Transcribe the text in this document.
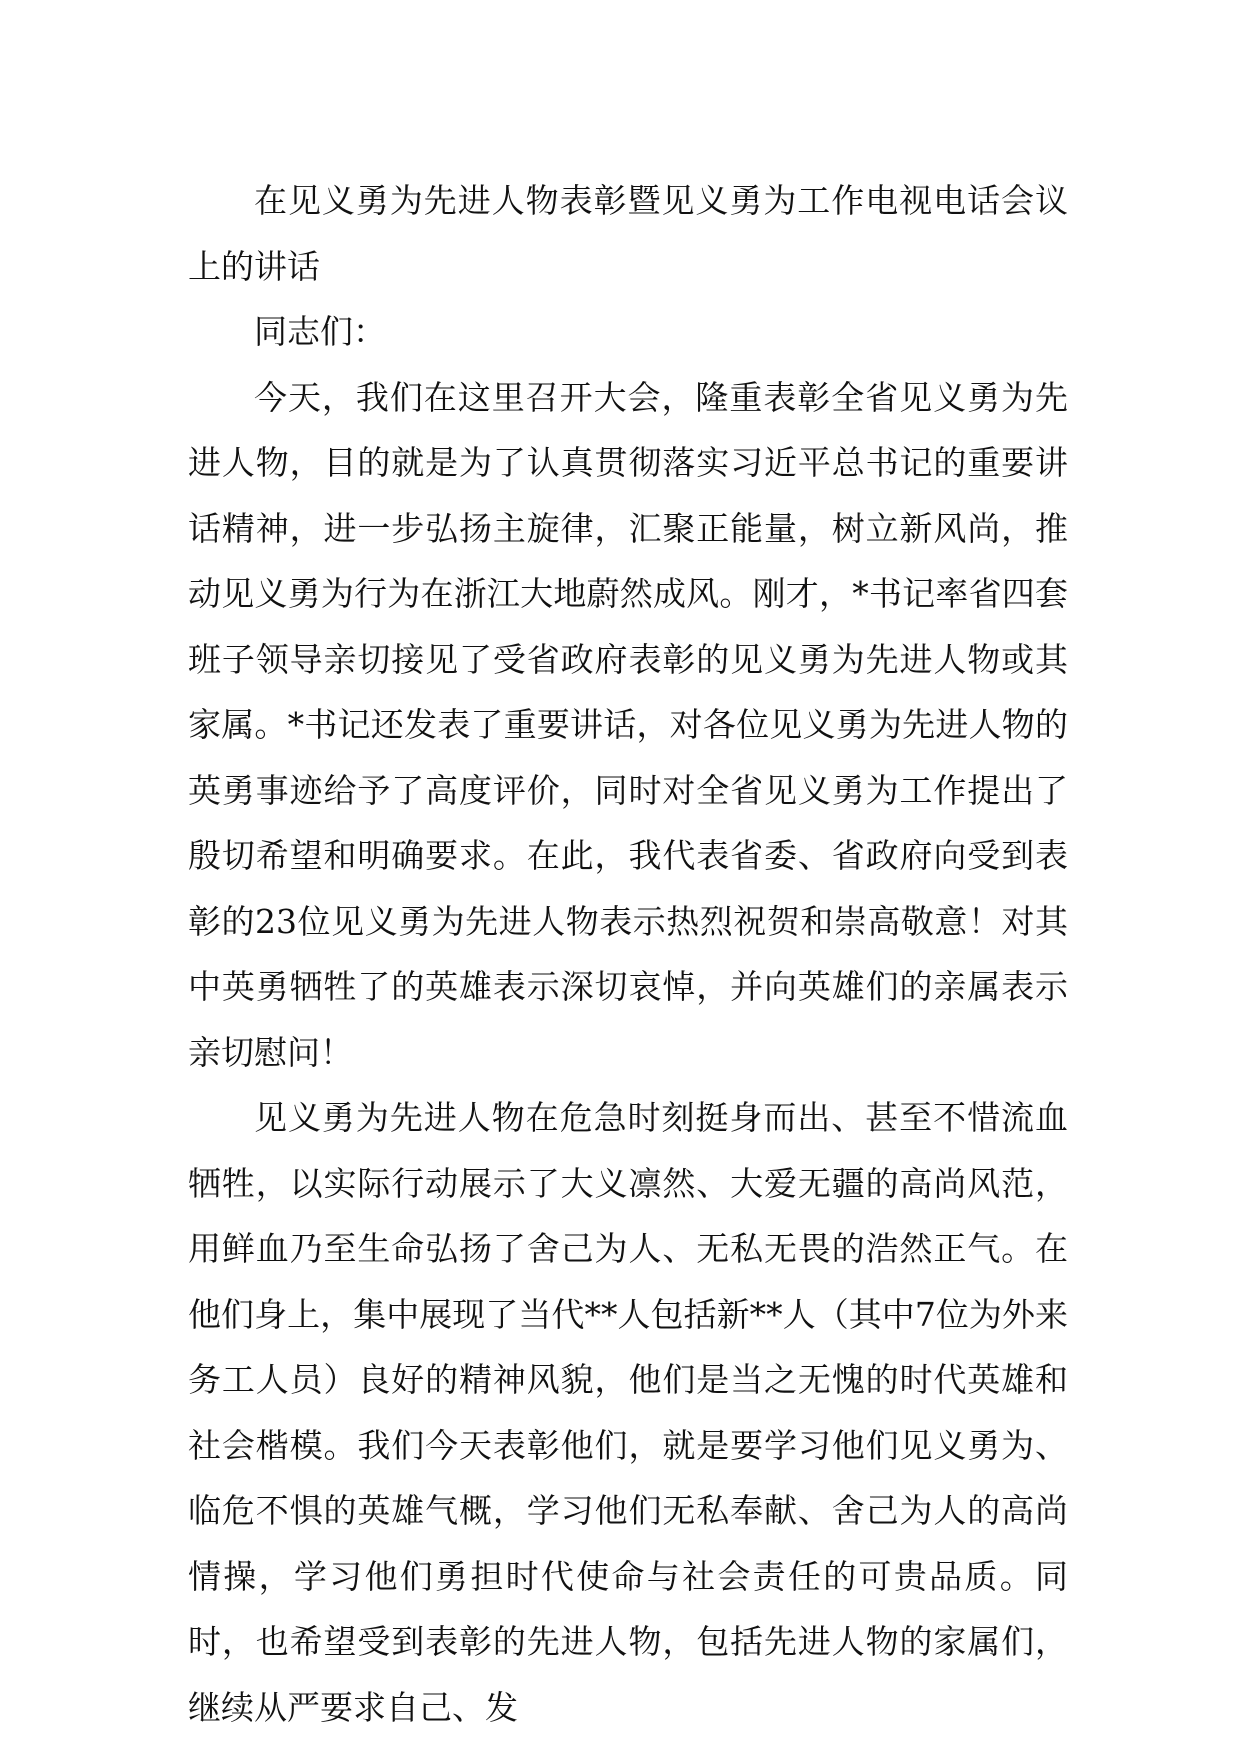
在见义勇为先进人物表彰暨见义勇为工作电视电话会议上的讲话

同志们：

今天，我们在这里召开大会，隆重表彰全省见义勇为先进人物，目的就是为了认真贯彻落实习近平总书记的重要讲话精神，进一步弘扬主旋律，汇聚正能量，树立新风尚，推动见义勇为行为在浙江大地蔚然成风。刚才，*书记率省四套班子领导亲切接见了受省政府表彰的见义勇为先进人物或其家属。*书记还发表了重要讲话，对各位见义勇为先进人物的英勇事迹给予了高度评价，同时对全省见义勇为工作提出了殷切希望和明确要求。在此，我代表省委、省政府向受到表彰的23位见义勇为先进人物表示热烈祝贺和崇高敬意！对其中英勇牺牲了的英雄表示深切哀悼，并向英雄们的亲属表示亲切慰问！

见义勇为先进人物在危急时刻挺身而出、甚至不惜流血牺牲，以实际行动展示了大义凛然、大爱无疆的高尚风范，用鲜血乃至生命弘扬了舍己为人、无私无畏的浩然正气。在他们身上，集中展现了当代**人包括新**人（其中7位为外来务工人员）良好的精神风貌，他们是当之无愧的时代英雄和社会楷模。我们今天表彰他们，就是要学习他们见义勇为、临危不惧的英雄气概，学习他们无私奉献、舍己为人的高尚情操，学习他们勇担时代使命与社会责任的可贵品质。同时，也希望受到表彰的先进人物，包括先进人物的家属们，继续从严要求自己、发
